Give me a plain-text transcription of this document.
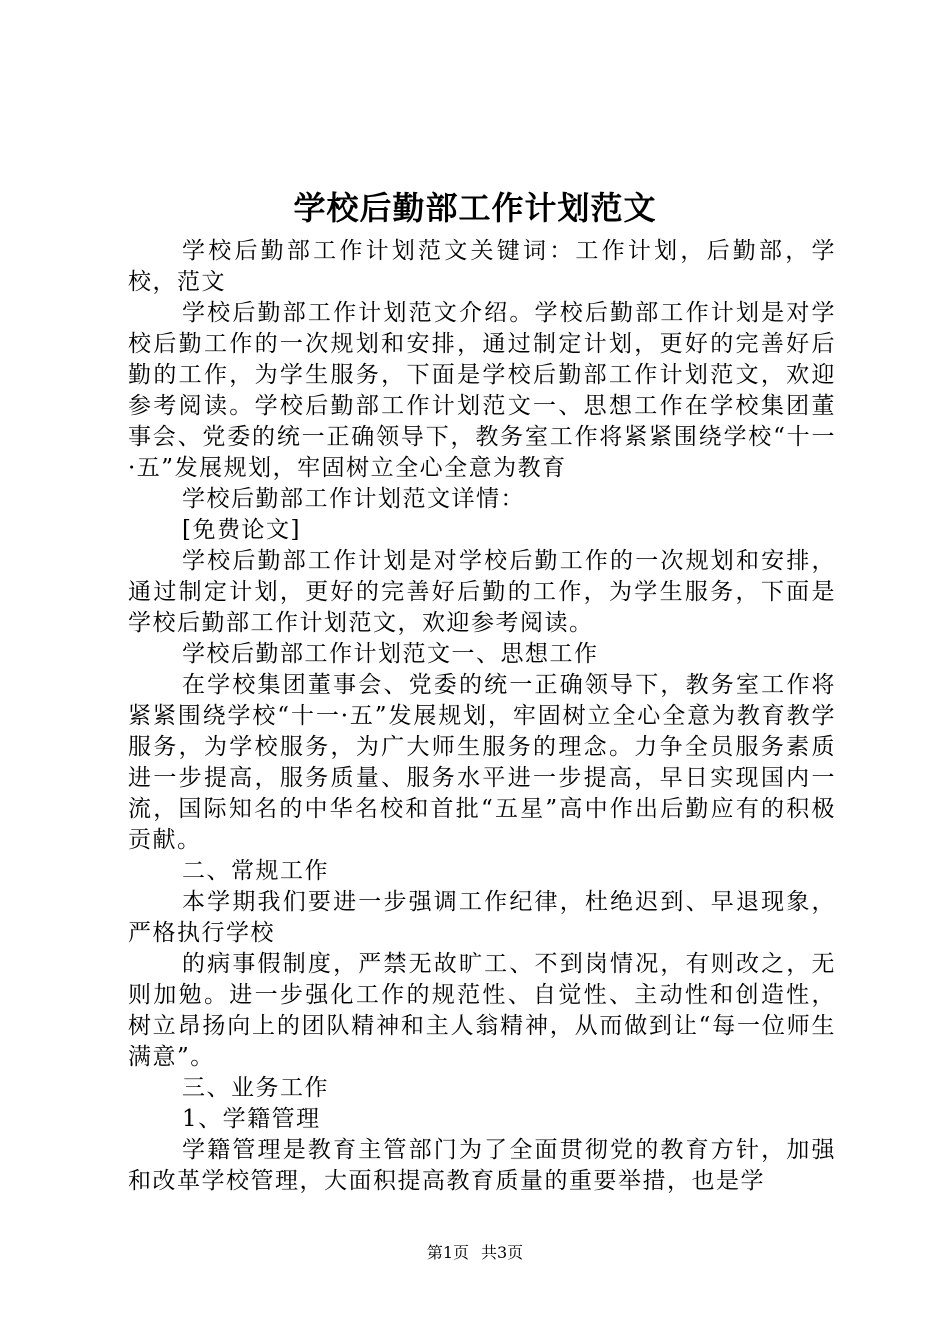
学校后勤部工作计划范文

学校后勤部工作计划范文关键词：工作计划，后勤部，学校，范文

学校后勤部工作计划范文介绍。学校后勤部工作计划是对学校后勤工作的一次规划和安排，通过制定计划，更好的完善好后勤的工作，为学生服务，下面是学校后勤部工作计划范文，欢迎参考阅读。学校后勤部工作计划范文一、思想工作在学校集团董事会、党委的统一正确领导下，教务室工作将紧紧围绕学校“十一·五”发展规划，牢固树立全心全意为教育

学校后勤部工作计划范文详情：

[免费论文]

学校后勤部工作计划是对学校后勤工作的一次规划和安排，通过制定计划，更好的完善好后勤的工作，为学生服务，下面是学校后勤部工作计划范文，欢迎参考阅读。

学校后勤部工作计划范文一、思想工作

在学校集团董事会、党委的统一正确领导下，教务室工作将紧紧围绕学校“十一·五”发展规划，牢固树立全心全意为教育教学服务，为学校服务，为广大师生服务的理念。力争全员服务素质进一步提高，服务质量、服务水平进一步提高，早日实现国内一流，国际知名的中华名校和首批“五星”高中作出后勤应有的积极贡献。

二、常规工作

本学期我们要进一步强调工作纪律，杜绝迟到、早退现象，严格执行学校

的病事假制度，严禁无故旷工、不到岗情况，有则改之，无则加勉。进一步强化工作的规范性、自觉性、主动性和创造性，树立昂扬向上的团队精神和主人翁精神，从而做到让“每一位师生满意”。

三、业务工作

1、学籍管理

学籍管理是教育主管部门为了全面贯彻党的教育方针，加强和改革学校管理，大面积提高教育质量的重要举措，也是学

第1页 共3页
